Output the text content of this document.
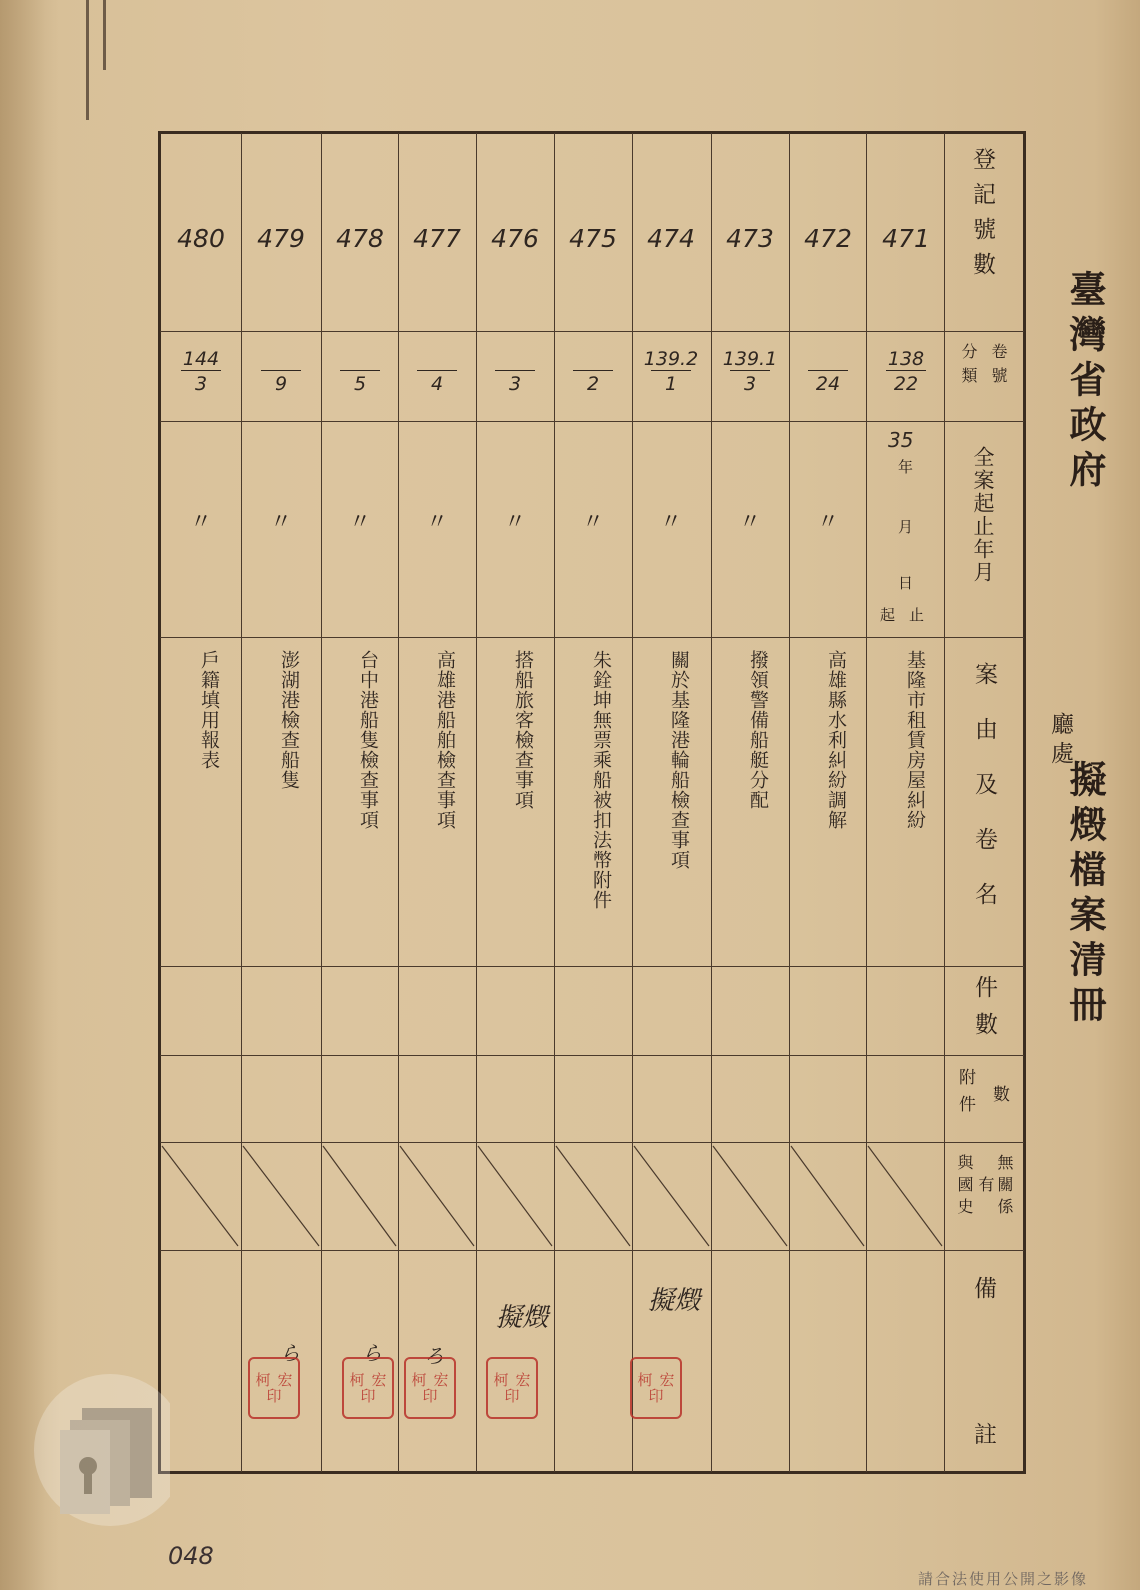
臺灣省政府
廳處
擬燬檔案清冊
登記號數
卷號
分類
全案起止年月
案由及卷名
件數
數
附件
無關係
有
與國史
備
註
35
年
月
日
起止
471
$\frac{138}{22}$
基隆市租賃房屋糾紛
472
24
〃
高雄縣水利糾紛調解
473
$\frac{139.1}{3}$
〃
撥領警備船艇分配
474
$\frac{139.2}{1}$
〃
關於基隆港輪船檢查事項
475
2
〃
朱銓坤無票乘船被扣法幣附件
476
3
〃
搭船旅客檢查事項
477
4
〃
高雄港船舶檢查事項
478
5
〃
台中港船隻檢查事項
479
9
〃
澎湖港檢查船隻
480
$\frac{144}{3}$
〃
戶籍填用報表
擬燬
擬燬
ら	ら ろ
柯 宏
印
柯 宏
印
柯 宏
印
柯 宏
印
柯 宏
印
048
請合法使用公開之影像
